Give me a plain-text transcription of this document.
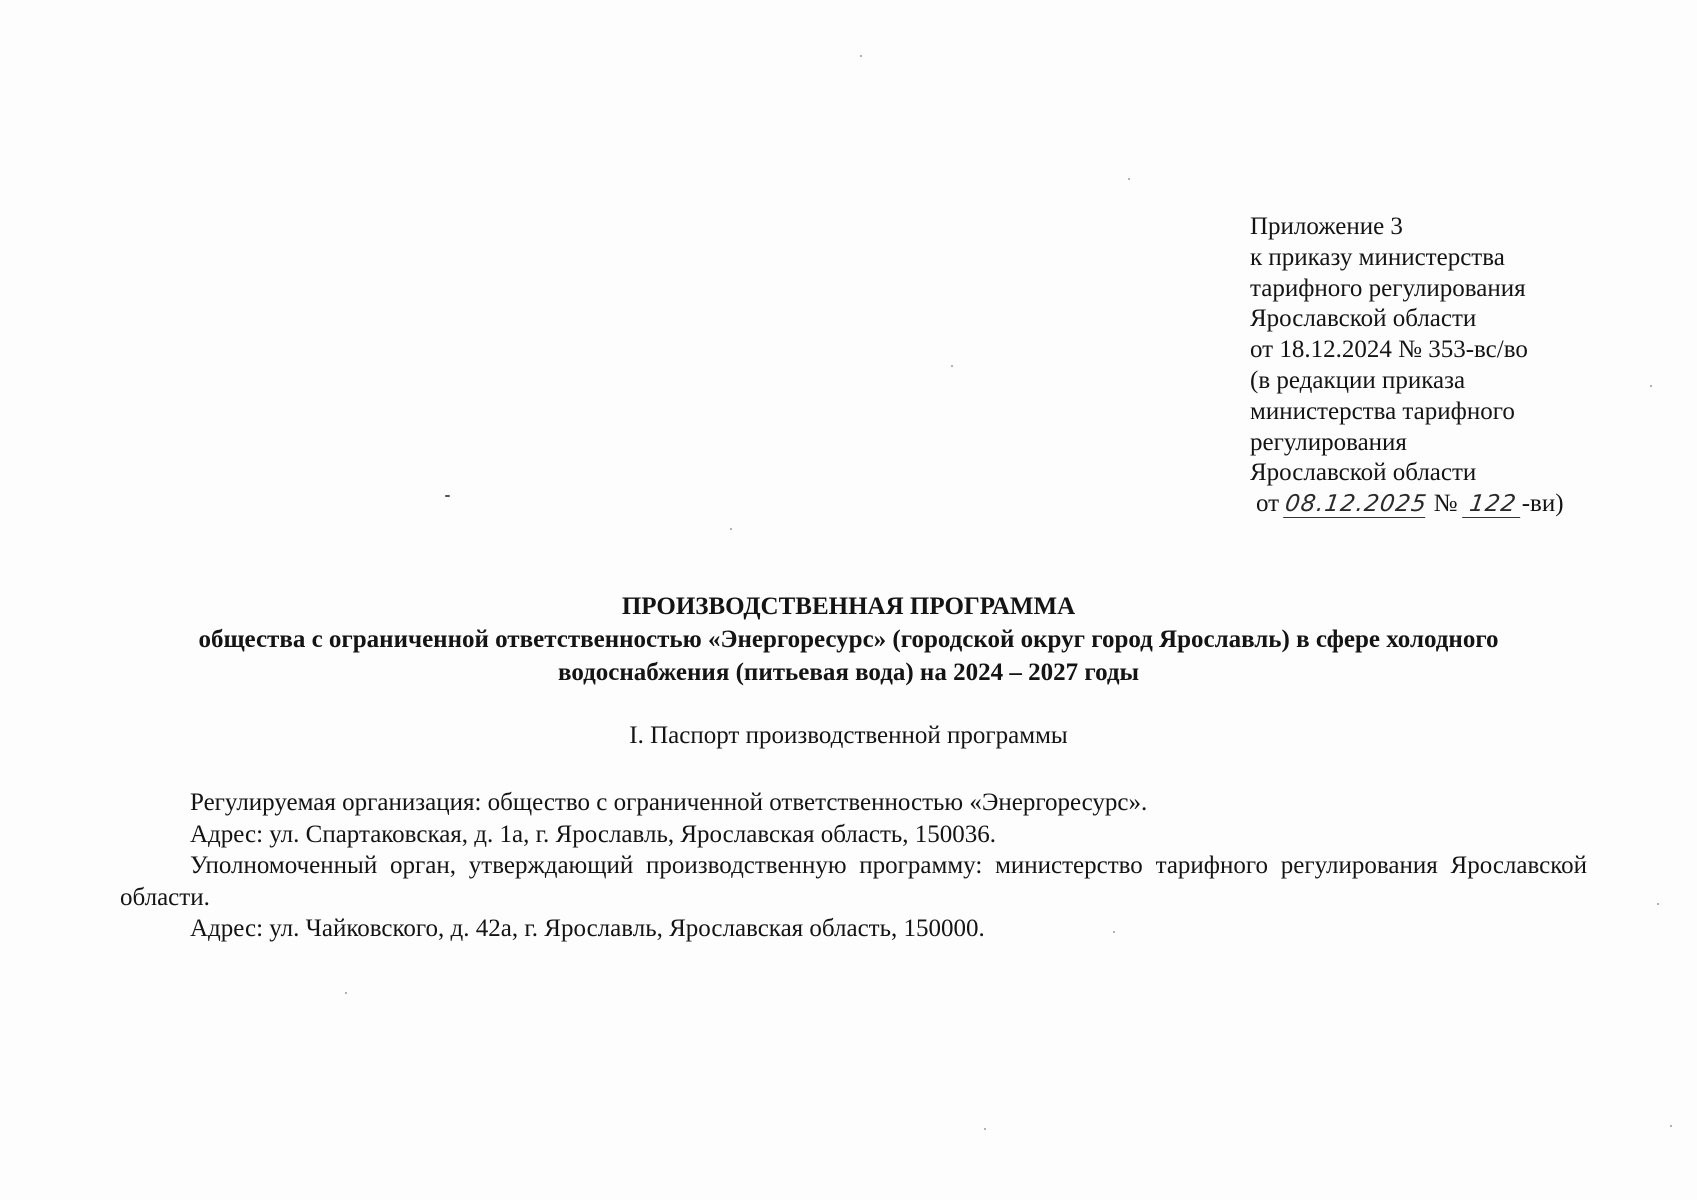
Приложение 3
к приказу министерства
тарифного регулирования
Ярославской области
от 18.12.2024 № 353-вс/во
(в редакции приказа
министерства тарифного
регулирования
Ярославской области
от 08.12.2025 № 122 -ви)
ПРОИЗВОДСТВЕННАЯ ПРОГРАММА
общества с ограниченной ответственностью «Энергоресурс» (городской округ город Ярославль) в сфере холодного водоснабжения (питьевая вода) на 2024 – 2027 годы
I. Паспорт производственной программы

Регулируемая организация: общество с ограниченной ответственностью «Энергоресурс».

Адрес: ул. Спартаковская, д. 1а, г. Ярославль, Ярославская область, 150036.

Уполномоченный орган, утверждающий производственную программу: министерство тарифного регулирования Ярославской области.

Адрес: ул. Чайковского, д. 42а, г. Ярославль, Ярославская область, 150000.
